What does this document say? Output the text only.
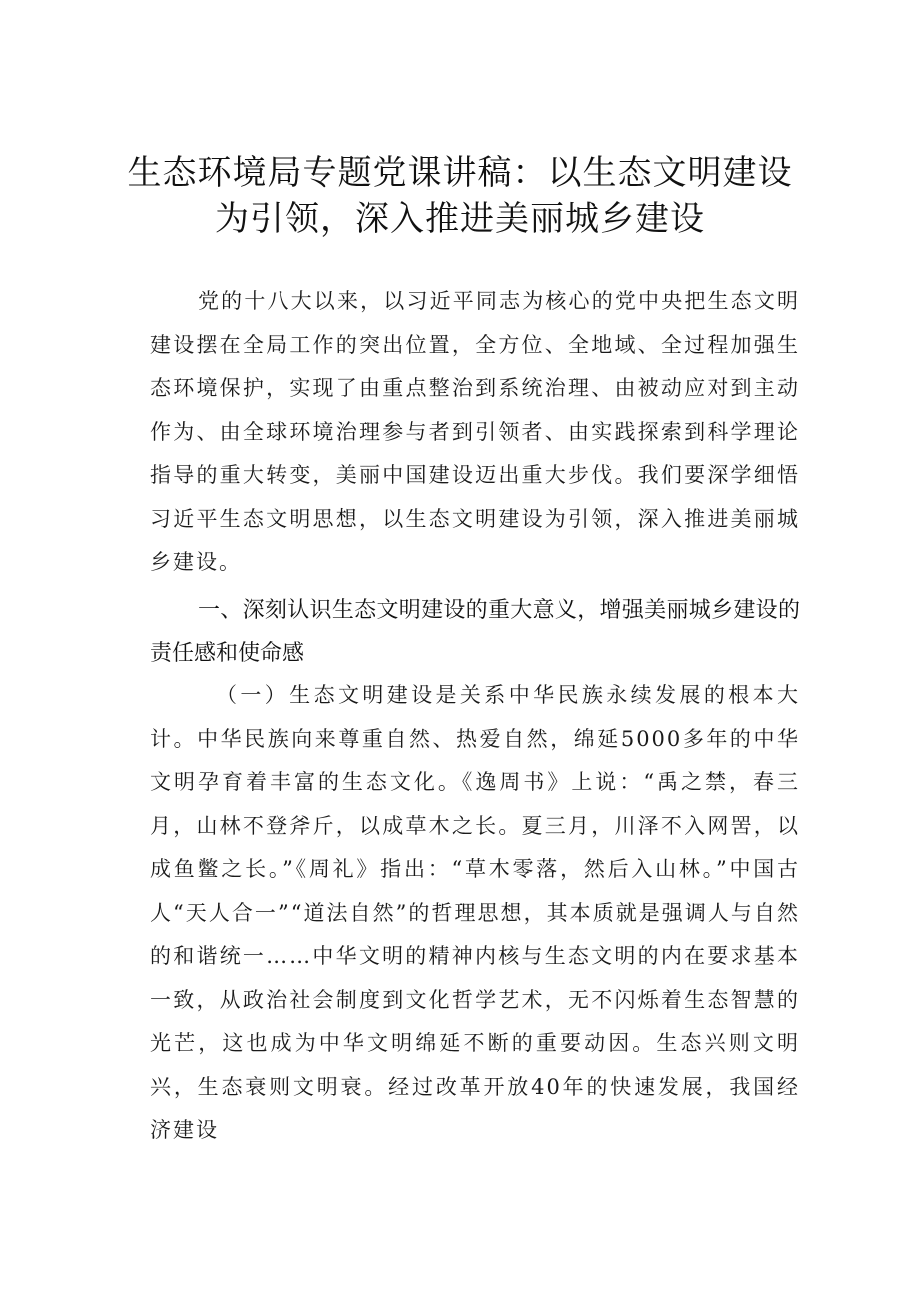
生态环境局专题党课讲稿：以生态文明建设
为引领，深入推进美丽城乡建设

党的十八大以来，以习近平同志为核心的党中央把生态文明建设摆在全局工作的突出位置，全方位、全地域、全过程加强生态环境保护，实现了由重点整治到系统治理、由被动应对到主动作为、由全球环境治理参与者到引领者、由实践探索到科学理论指导的重大转变，美丽中国建设迈出重大步伐。我们要深学细悟习近平生态文明思想，以生态文明建设为引领，深入推进美丽城乡建设。

一、深刻认识生态文明建设的重大意义，增强美丽城乡建设的责任感和使命感

（一）生态文明建设是关系中华民族永续发展的根本大计。中华民族向来尊重自然、热爱自然，绵延5000多年的中华文明孕育着丰富的生态文化。《逸周书》上说：“禹之禁，春三月，山林不登斧斤，以成草木之长。夏三月，川泽不入网罟，以成鱼鳖之长。”《周礼》指出：“草木零落，然后入山林。”中国古人“天人合一”“道法自然”的哲理思想，其本质就是强调人与自然的和谐统一……中华文明的精神内核与生态文明的内在要求基本一致，从政治社会制度到文化哲学艺术，无不闪烁着生态智慧的光芒，这也成为中华文明绵延不断的重要动因。生态兴则文明兴，生态衰则文明衰。经过改革开放40年的快速发展，我国经济建设
